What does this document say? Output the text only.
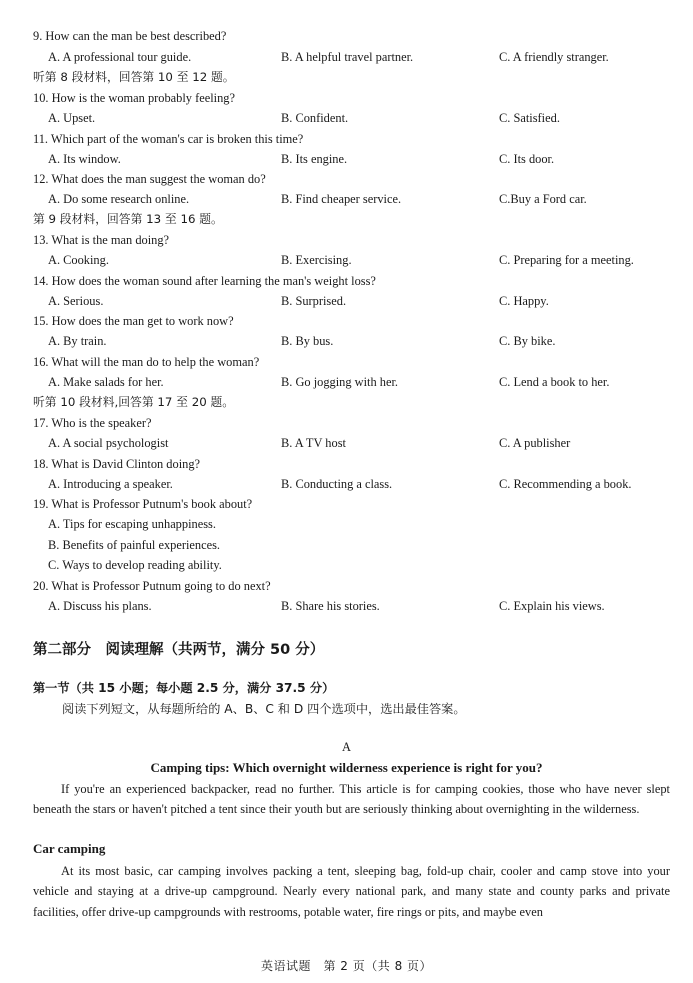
9. How can the man be best described?
A. A professional tour guide.	B. A helpful travel partner.	C. A friendly stranger.
听第 8 段材料，回答第 10 至 12 题。
10. How is the woman probably feeling?
A. Upset.	B. Confident.	C. Satisfied.
11. Which part of the woman's car is broken this time?
A. Its window.	B. Its engine.	C. Its door.
12. What does the man suggest the woman do?
A. Do some research online.	B. Find cheaper service.	C.Buy a Ford car.
第 9 段材料，回答第 13 至 16 题。
13. What is the man doing?
A. Cooking.	B. Exercising.	C. Preparing for a meeting.
14. How does the woman sound after learning the man's weight loss?
A. Serious.	B. Surprised.	C. Happy.
15. How does the man get to work now?
A. By train.	B. By bus.	C. By bike.
16. What will the man do to help the woman?
A. Make salads for her.	B. Go jogging with her.	C. Lend a book to her.
听第 10 段材料,回答第 17 至 20 题。
17. Who is the speaker?
A. A social psychologist	B. A TV host	C. A publisher
18. What is David Clinton doing?
A. Introducing a speaker.	B. Conducting a class.	C. Recommending a book.
19. What is Professor Putnum's book about?
A. Tips for escaping unhappiness.
B. Benefits of painful experiences.
C. Ways to develop reading ability.
20. What is Professor Putnum going to do next?
A. Discuss his plans.	B. Share his stories.	C. Explain his views.
第二部分　阅读理解（共两节，满分 50 分）
第一节（共 15 小题；每小题 2.5 分，满分 37.5 分）
阅读下列短文，从每题所给的 A、B、C 和 D 四个选项中，选出最佳答案。
A
Camping tips: Which overnight wilderness experience is right for you?
If you're an experienced backpacker, read no further. This article is for camping cookies, those who have never slept beneath the stars or haven't pitched a tent since their youth but are seriously thinking about overnighting in the wilderness.
Car camping
At its most basic, car camping involves packing a tent, sleeping bag, fold-up chair, cooler and camp stove into your vehicle and staying at a drive-up campground. Nearly every national park, and many state and county parks and private facilities, offer drive-up campgrounds with restrooms, potable water, fire rings or pits, and maybe even
英语试题　第 2 页（共 8 页）
